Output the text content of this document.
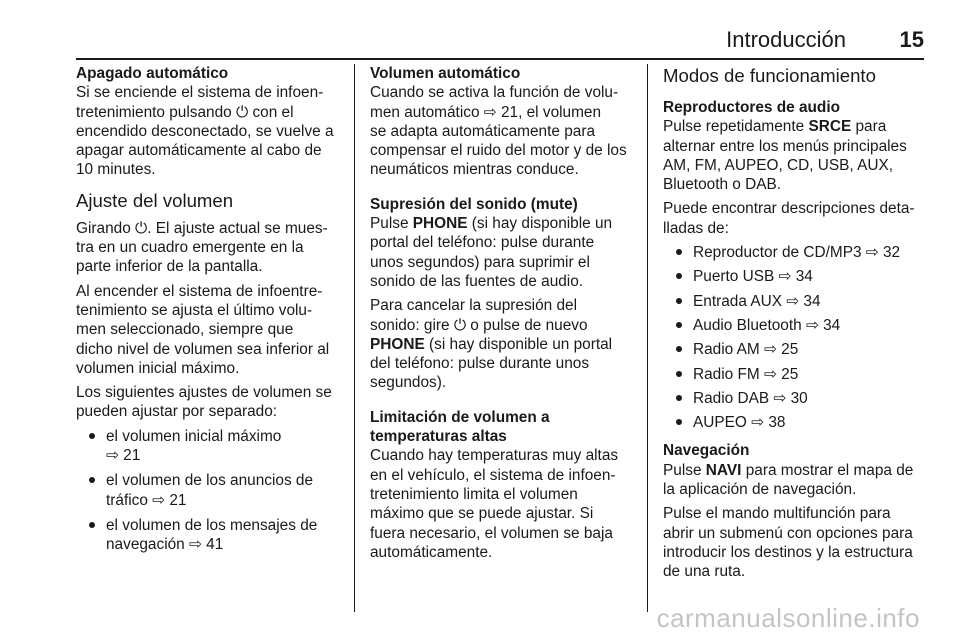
Introducción 15

Apagado automático

Si se enciende el sistema de infoen-
tretenimiento pulsando ⏻ con el
encendido desconectado, se vuelve a
apagar automáticamente al cabo de
10 minutes.

Ajuste del volumen

Girando ⏻. El ajuste actual se mues-
tra en un cuadro emergente en la
parte inferior de la pantalla.

Al encender el sistema de infoentre-
tenimiento se ajusta el último volu-
men seleccionado, siempre que
dicho nivel de volumen sea inferior al
volumen inicial máximo.

Los siguientes ajustes de volumen se
pueden ajustar por separado:

el volumen inicial máximo
⇨ 21
el volumen de los anuncios de
tráfico ⇨ 21
el volumen de los mensajes de
navegación ⇨ 41

Volumen automático

Cuando se activa la función de volu-
men automático ⇨ 21, el volumen
se adapta automáticamente para
compensar el ruido del motor y de los
neumáticos mientras conduce.

Supresión del sonido (mute)

Pulse PHONE (si hay disponible un
portal del teléfono: pulse durante
unos segundos) para suprimir el
sonido de las fuentes de audio.

Para cancelar la supresión del
sonido: gire ⏻ o pulse de nuevo
PHONE (si hay disponible un portal
del teléfono: pulse durante unos
segundos).

Limitación de volumen a
temperaturas altas

Cuando hay temperaturas muy altas
en el vehículo, el sistema de infoen-
tretenimiento limita el volumen
máximo que se puede ajustar. Si
fuera necesario, el volumen se baja
automáticamente.

Modos de funcionamiento

Reproductores de audio

Pulse repetidamente SRCE para
alternar entre los menús principales
AM, FM, AUPEO, CD, USB, AUX,
Bluetooth o DAB.

Puede encontrar descripciones deta-
lladas de:

Reproductor de CD/MP3 ⇨ 32
Puerto USB ⇨ 34
Entrada AUX ⇨ 34
Audio Bluetooth ⇨ 34
Radio AM ⇨ 25
Radio FM ⇨ 25
Radio DAB ⇨ 30
AUPEO ⇨ 38

Navegación

Pulse NAVI para mostrar el mapa de
la aplicación de navegación.

Pulse el mando multifunción para
abrir un submenú con opciones para
introducir los destinos y la estructura
de una ruta.

carmanualsonline.info
